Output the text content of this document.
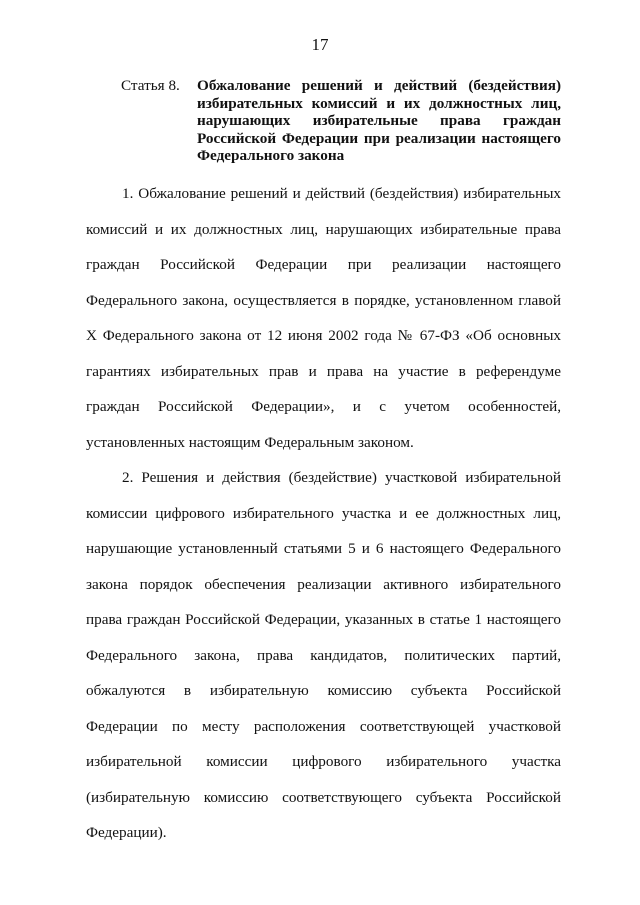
17
Статья 8.	Обжалование решений и действий (бездействия) избирательных комиссий и их должностных лиц, нарушающих избирательные права граждан Российской Федерации при реализации настоящего Федерального закона

1. Обжалование решений и действий (бездействия) избирательных комиссий и их должностных лиц, нарушающих избирательные права граждан Российской Федерации при реализации настоящего Федерального закона, осуществляется в порядке, установленном главой X Федерального закона от 12 июня 2002 года № 67-ФЗ «Об основных гарантиях избирательных прав и права на участие в референдуме граждан Российской Федерации», и с учетом особенностей, установленных настоящим Федеральным законом.

2. Решения и действия (бездействие) участковой избирательной комиссии цифрового избирательного участка и ее должностных лиц, нарушающие установленный статьями 5 и 6 настоящего Федерального закона порядок обеспечения реализации активного избирательного права граждан Российской Федерации, указанных в статье 1 настоящего Федерального закона, права кандидатов, политических партий, обжалуются в избирательную комиссию субъекта Российской Федерации по месту расположения соответствующей участковой избирательной комиссии цифрового избирательного участка (избирательную комиссию соответствующего субъекта Российской Федерации).
